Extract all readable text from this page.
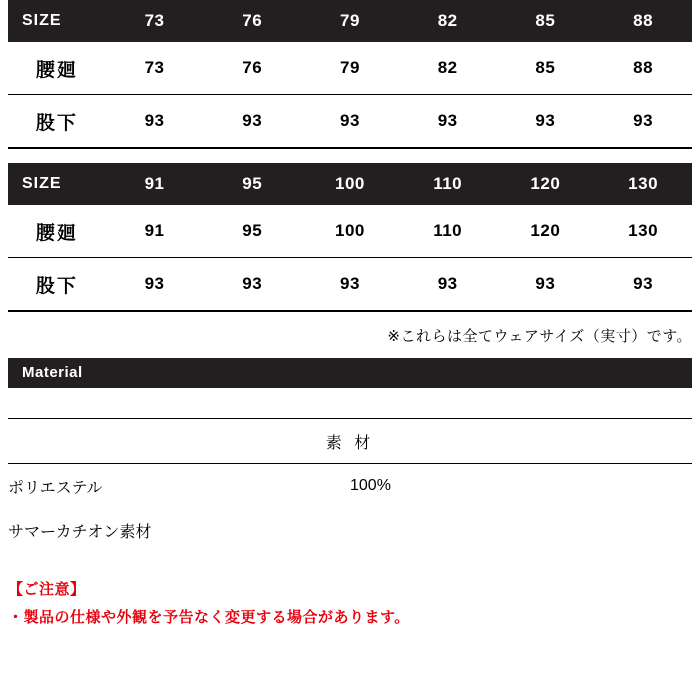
SIZE	73	76	79	82	85	88
腰廻	73	76	79	82	85	88
股下	93	93	93	93	93	93
SIZE	91	95	100	110	120	130
腰廻	91	95	100	110	120	130
股下	93	93	93	93	93	93
※これらは全てウェアサイズ（実寸）です。
Material
素 材	
ポリエステル	100%
サマーカチオン素材	
【ご注意】
・製品の仕様や外観を予告なく変更する場合があります。
